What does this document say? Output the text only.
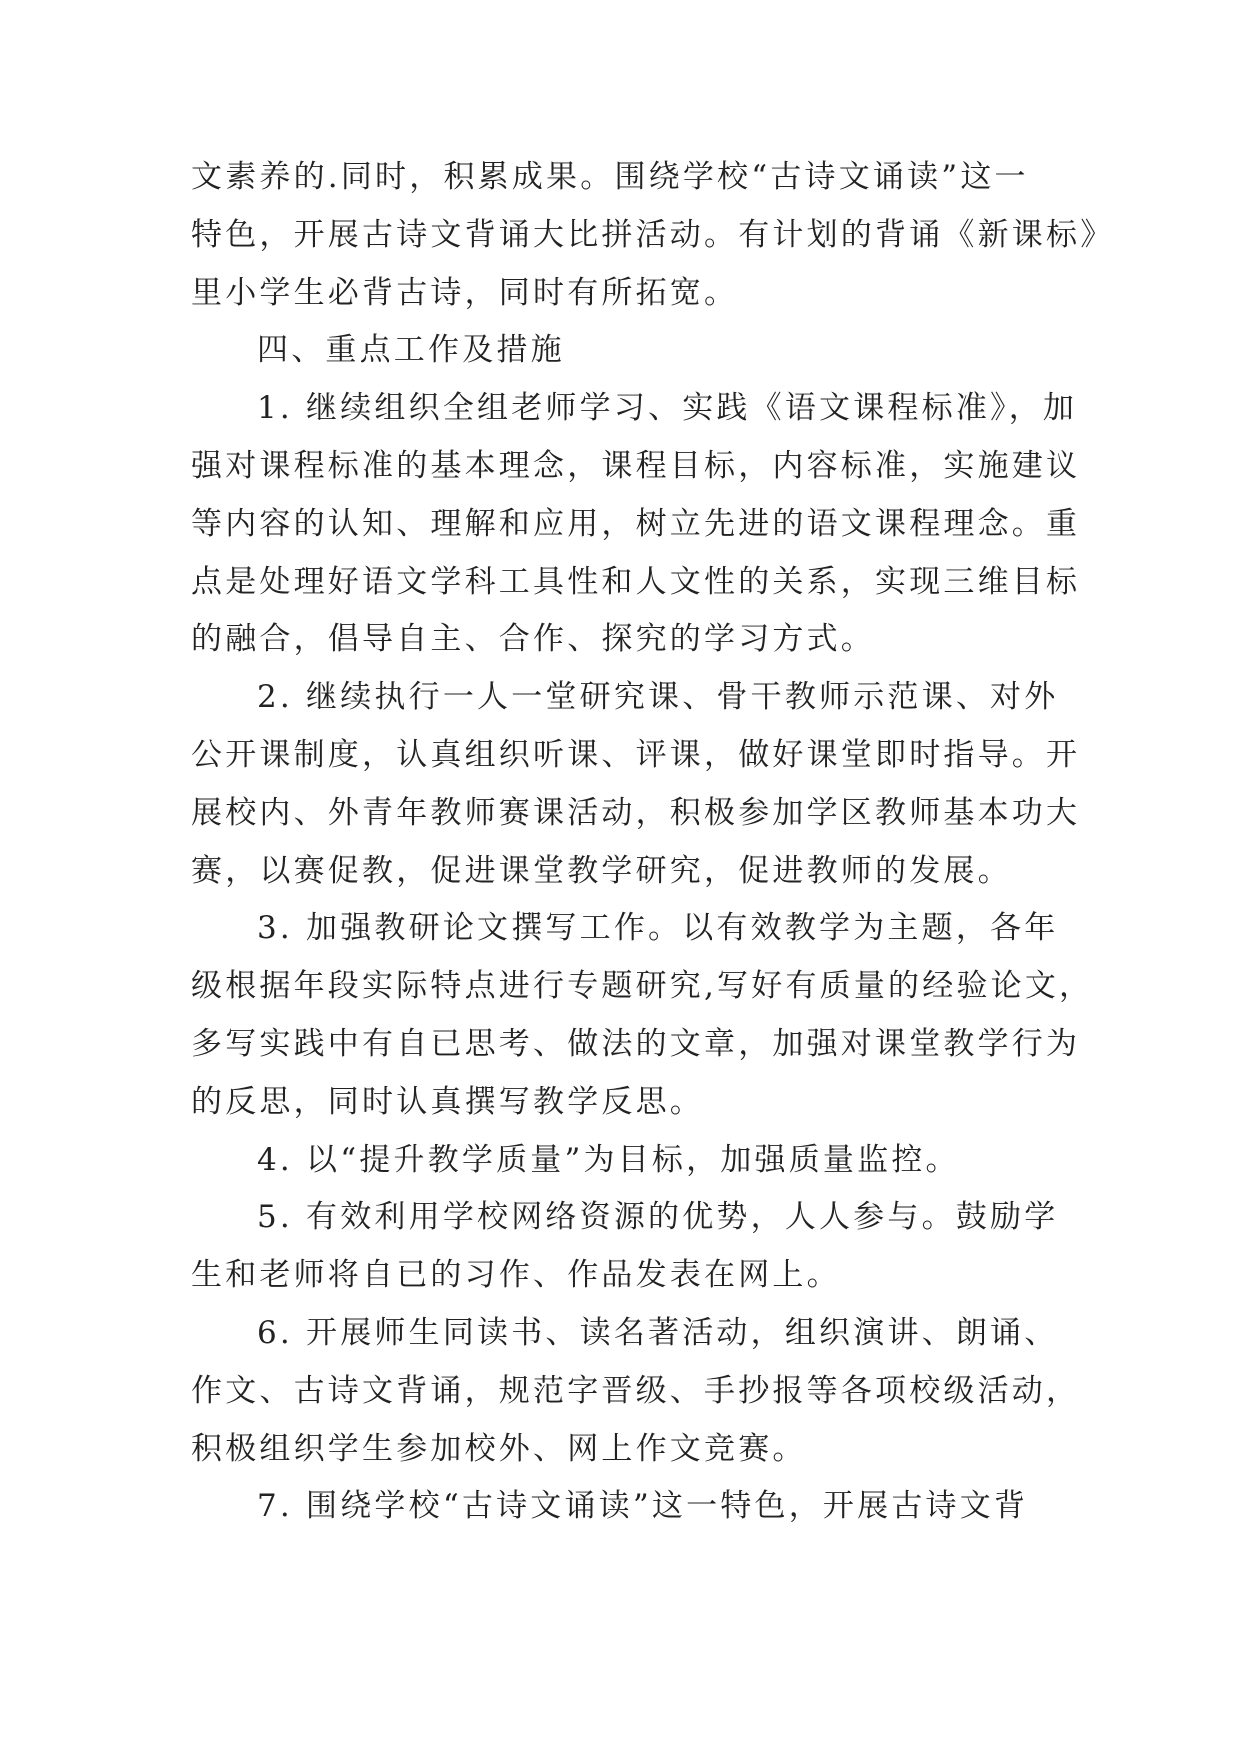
文素养的.同时，积累成果。围绕学校“古诗文诵读”这一
特色，开展古诗文背诵大比拼活动。有计划的背诵《新课标》
里小学生必背古诗，同时有所拓宽。
四、重点工作及措施
1. 继续组织全组老师学习、实践《语文课程标准》，加
强对课程标准的基本理念，课程目标，内容标准，实施建议
等内容的认知、理解和应用，树立先进的语文课程理念。重
点是处理好语文学科工具性和人文性的关系，实现三维目标
的融合，倡导自主、合作、探究的学习方式。
2. 继续执行一人一堂研究课、骨干教师示范课、对外
公开课制度，认真组织听课、评课，做好课堂即时指导。开
展校内、外青年教师赛课活动，积极参加学区教师基本功大
赛，以赛促教，促进课堂教学研究，促进教师的发展。
3. 加强教研论文撰写工作。以有效教学为主题，各年
级根据年段实际特点进行专题研究,写好有质量的经验论文，
多写实践中有自已思考、做法的文章，加强对课堂教学行为
的反思，同时认真撰写教学反思。
4. 以“提升教学质量”为目标，加强质量监控。
5. 有效利用学校网络资源的优势，人人参与。鼓励学
生和老师将自已的习作、作品发表在网上。
6. 开展师生同读书、读名著活动，组织演讲、朗诵、
作文、古诗文背诵，规范字晋级、手抄报等各项校级活动，
积极组织学生参加校外、网上作文竞赛。
7. 围绕学校“古诗文诵读”这一特色，开展古诗文背
